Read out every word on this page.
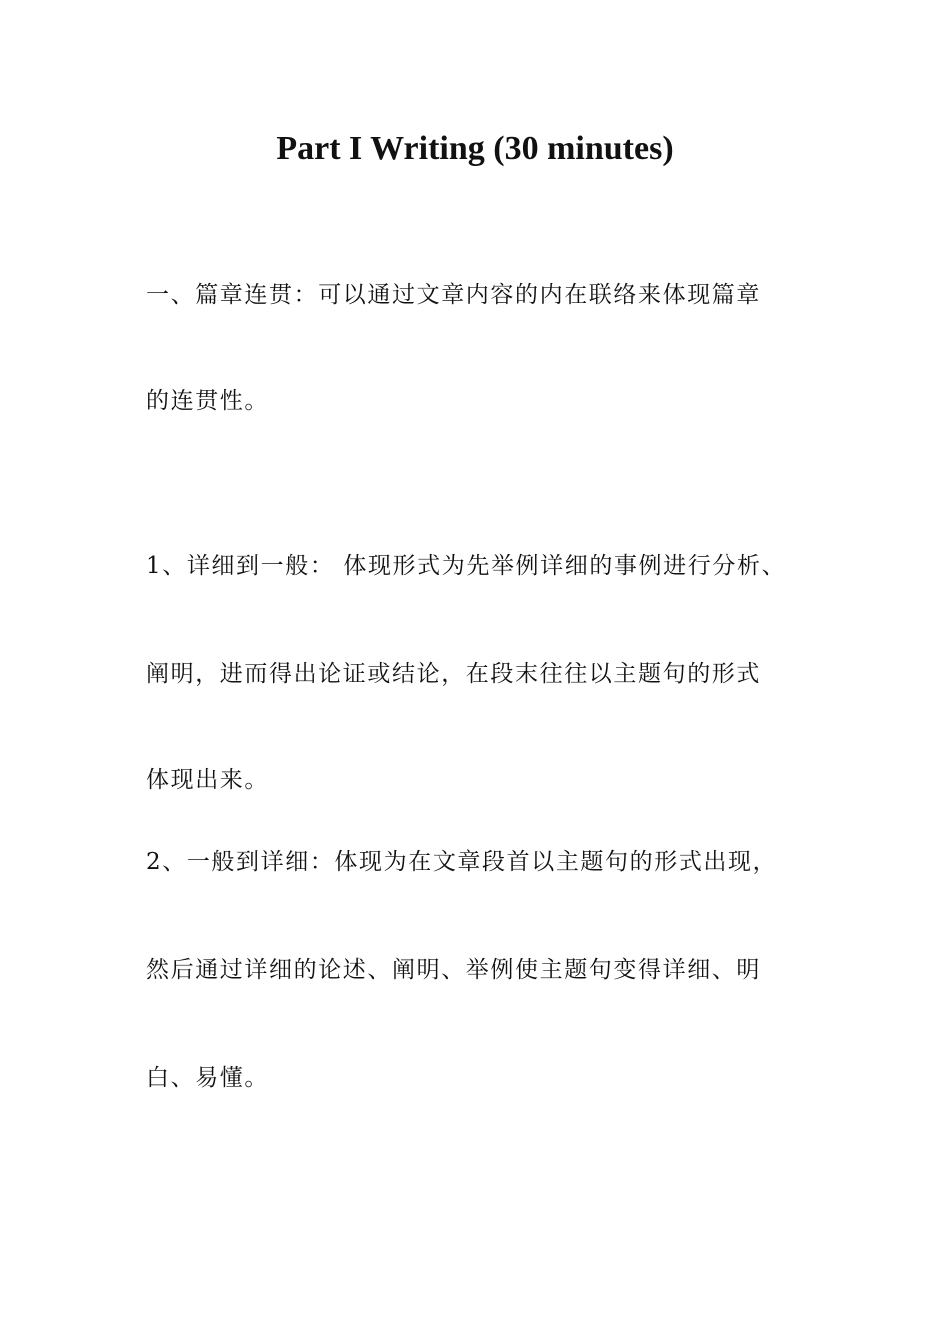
Part I Writing (30 minutes)
一、篇章连贯：可以通过文章内容的内在联络来体现篇章
的连贯性。
1、详细到一般： 体现形式为先举例详细的事例进行分析、
阐明，进而得出论证或结论，在段末往往以主题句的形式
体现出来。
2、一般到详细：体现为在文章段首以主题句的形式出现，
然后通过详细的论述、阐明、举例使主题句变得详细、明
白、易懂。
